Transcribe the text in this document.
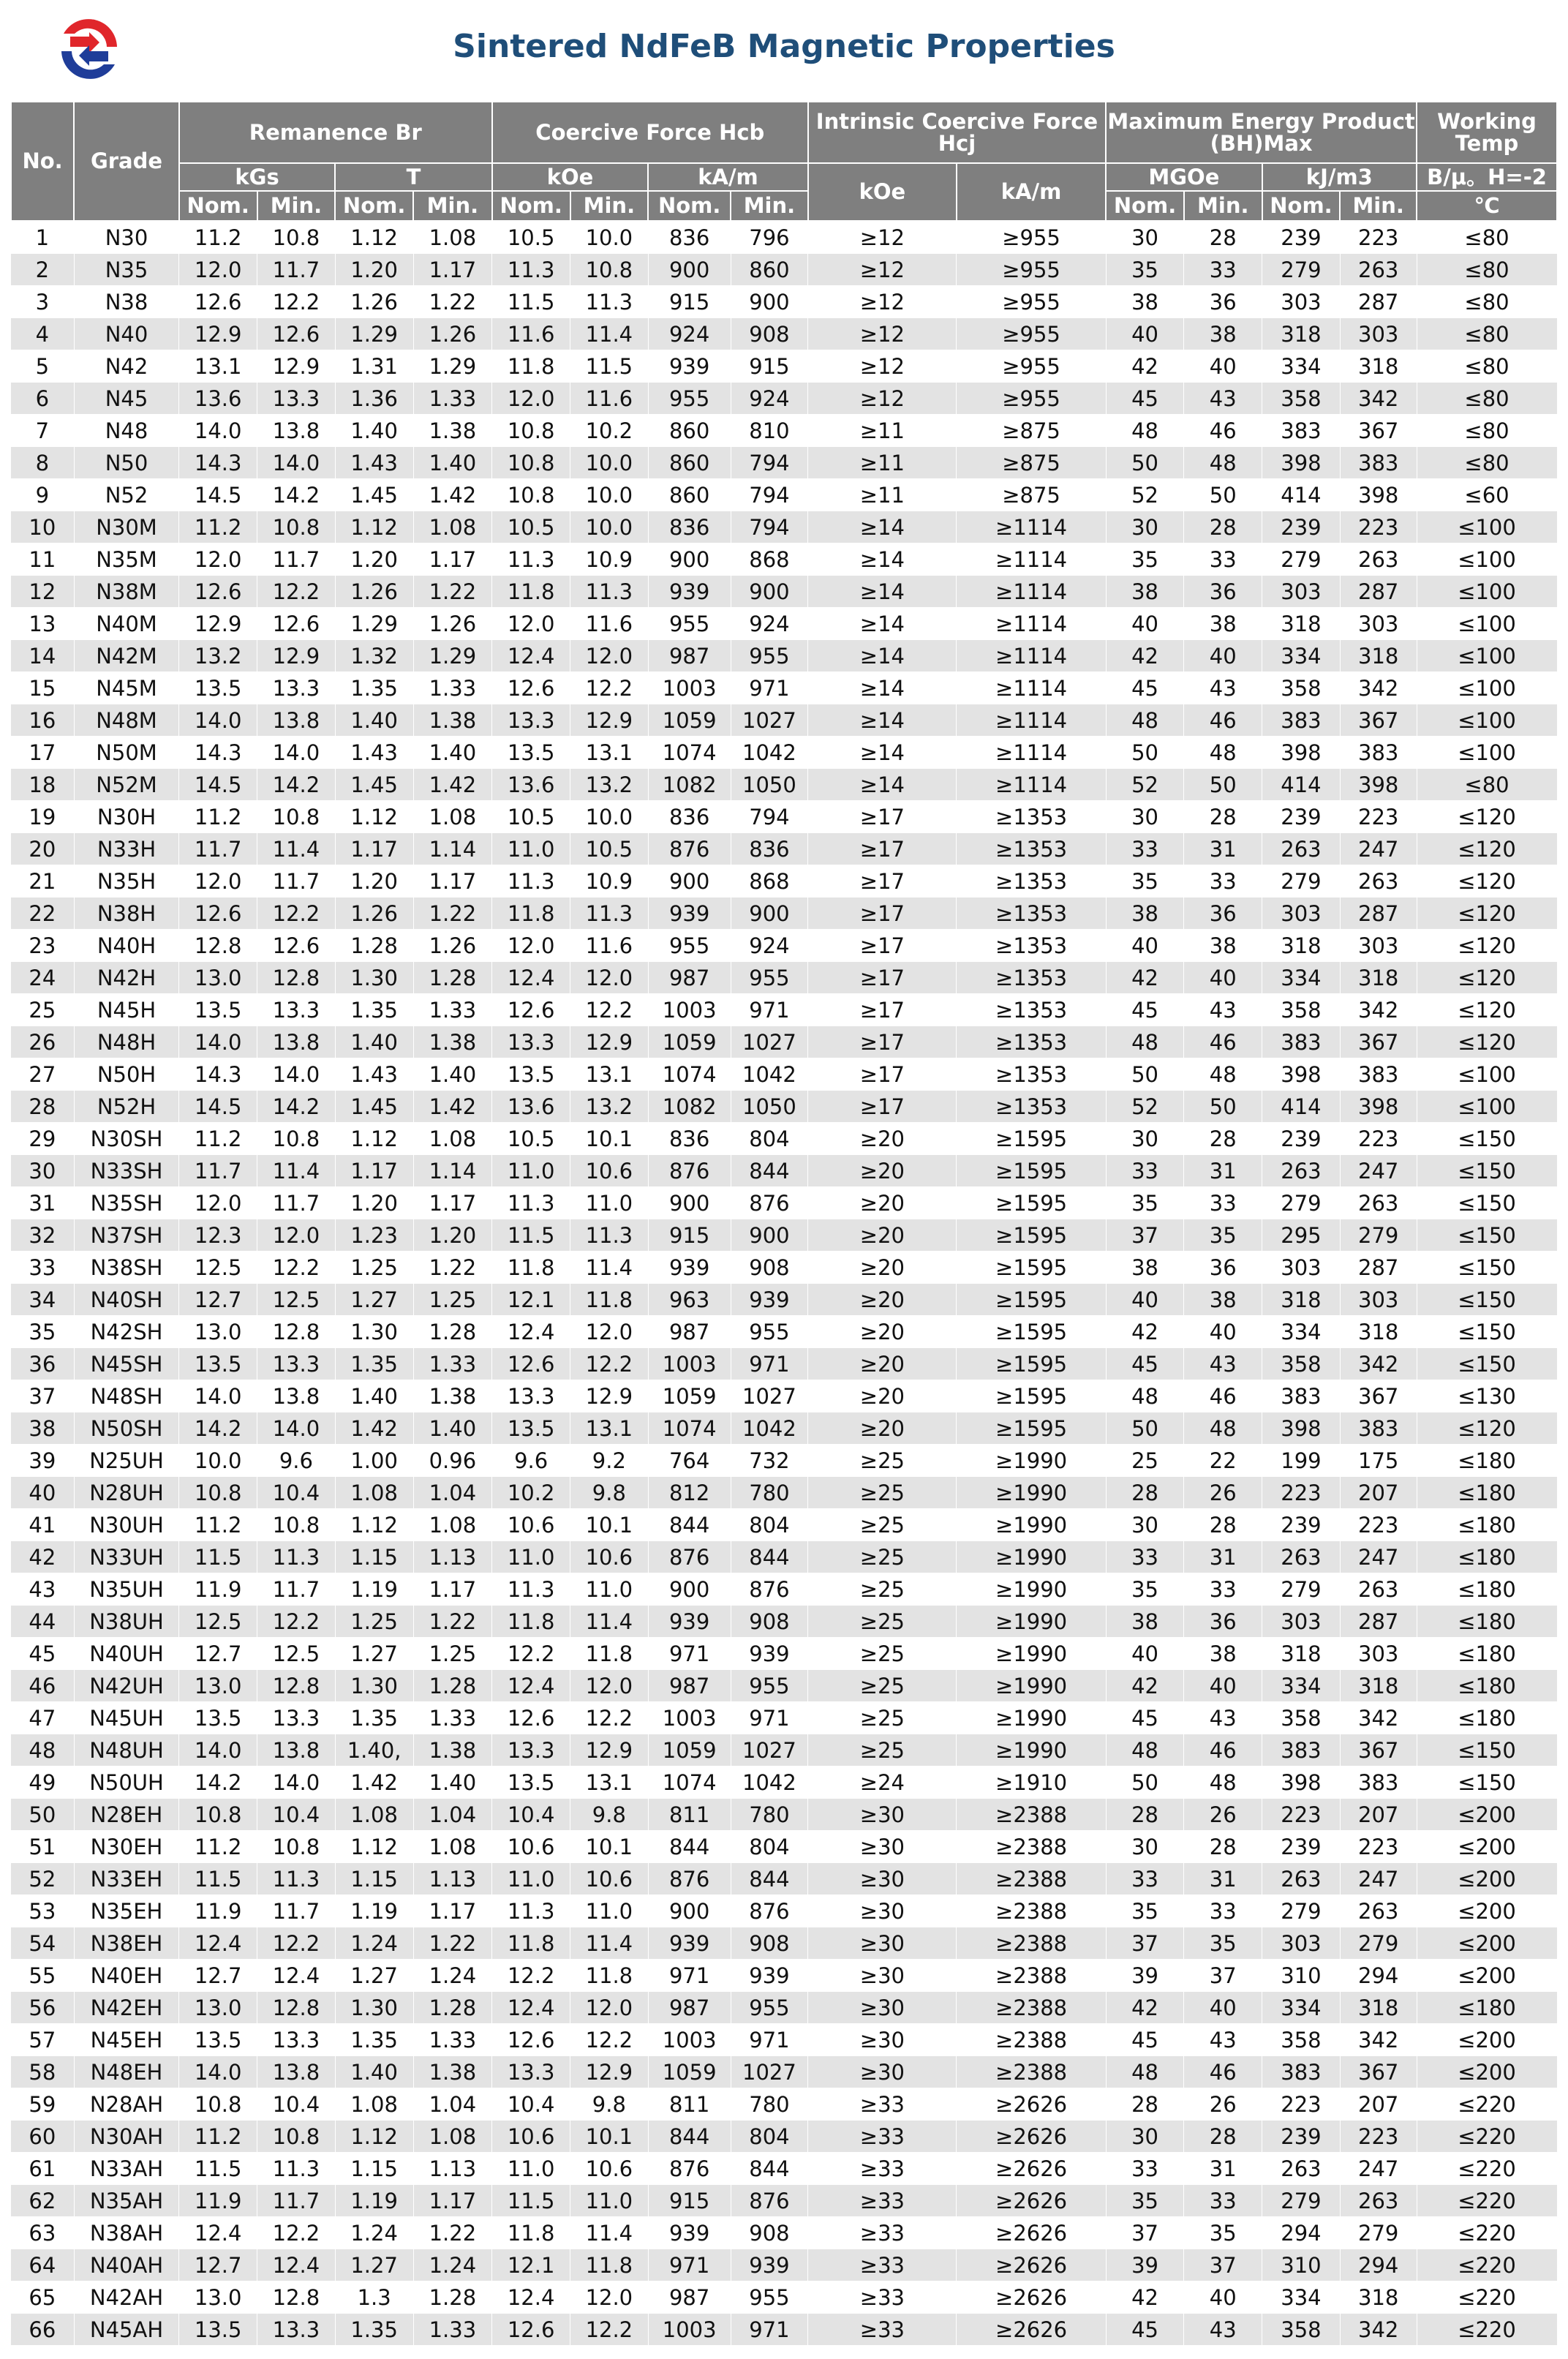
Sintered NdFeB Magnetic Properties
No.	Grade	Remanence Br				Coercive Force Hcb				Intrinsic Coercive Force Hcj		Maximum Energy Product (BH)Max				Working Temp
		kGs		T		kOe		kA/m		kOe	kA/m	MGOe		kJ/m3		B/μ。H=-2
		Nom.	Min.	Nom.	Min.	Nom.	Min.	Nom.	Min.			Nom.	Min.	Nom.	Min.	℃
1	N30	11.2	10.8	1.12	1.08	10.5	10.0	836	796	≥12	≥955	30	28	239	223	≤80
2	N35	12.0	11.7	1.20	1.17	11.3	10.8	900	860	≥12	≥955	35	33	279	263	≤80
3	N38	12.6	12.2	1.26	1.22	11.5	11.3	915	900	≥12	≥955	38	36	303	287	≤80
4	N40	12.9	12.6	1.29	1.26	11.6	11.4	924	908	≥12	≥955	40	38	318	303	≤80
5	N42	13.1	12.9	1.31	1.29	11.8	11.5	939	915	≥12	≥955	42	40	334	318	≤80
6	N45	13.6	13.3	1.36	1.33	12.0	11.6	955	924	≥12	≥955	45	43	358	342	≤80
7	N48	14.0	13.8	1.40	1.38	10.8	10.2	860	810	≥11	≥875	48	46	383	367	≤80
8	N50	14.3	14.0	1.43	1.40	10.8	10.0	860	794	≥11	≥875	50	48	398	383	≤80
9	N52	14.5	14.2	1.45	1.42	10.8	10.0	860	794	≥11	≥875	52	50	414	398	≤60
10	N30M	11.2	10.8	1.12	1.08	10.5	10.0	836	794	≥14	≥1114	30	28	239	223	≤100
11	N35M	12.0	11.7	1.20	1.17	11.3	10.9	900	868	≥14	≥1114	35	33	279	263	≤100
12	N38M	12.6	12.2	1.26	1.22	11.8	11.3	939	900	≥14	≥1114	38	36	303	287	≤100
13	N40M	12.9	12.6	1.29	1.26	12.0	11.6	955	924	≥14	≥1114	40	38	318	303	≤100
14	N42M	13.2	12.9	1.32	1.29	12.4	12.0	987	955	≥14	≥1114	42	40	334	318	≤100
15	N45M	13.5	13.3	1.35	1.33	12.6	12.2	1003	971	≥14	≥1114	45	43	358	342	≤100
16	N48M	14.0	13.8	1.40	1.38	13.3	12.9	1059	1027	≥14	≥1114	48	46	383	367	≤100
17	N50M	14.3	14.0	1.43	1.40	13.5	13.1	1074	1042	≥14	≥1114	50	48	398	383	≤100
18	N52M	14.5	14.2	1.45	1.42	13.6	13.2	1082	1050	≥14	≥1114	52	50	414	398	≤80
19	N30H	11.2	10.8	1.12	1.08	10.5	10.0	836	794	≥17	≥1353	30	28	239	223	≤120
20	N33H	11.7	11.4	1.17	1.14	11.0	10.5	876	836	≥17	≥1353	33	31	263	247	≤120
21	N35H	12.0	11.7	1.20	1.17	11.3	10.9	900	868	≥17	≥1353	35	33	279	263	≤120
22	N38H	12.6	12.2	1.26	1.22	11.8	11.3	939	900	≥17	≥1353	38	36	303	287	≤120
23	N40H	12.8	12.6	1.28	1.26	12.0	11.6	955	924	≥17	≥1353	40	38	318	303	≤120
24	N42H	13.0	12.8	1.30	1.28	12.4	12.0	987	955	≥17	≥1353	42	40	334	318	≤120
25	N45H	13.5	13.3	1.35	1.33	12.6	12.2	1003	971	≥17	≥1353	45	43	358	342	≤120
26	N48H	14.0	13.8	1.40	1.38	13.3	12.9	1059	1027	≥17	≥1353	48	46	383	367	≤120
27	N50H	14.3	14.0	1.43	1.40	13.5	13.1	1074	1042	≥17	≥1353	50	48	398	383	≤100
28	N52H	14.5	14.2	1.45	1.42	13.6	13.2	1082	1050	≥17	≥1353	52	50	414	398	≤100
29	N30SH	11.2	10.8	1.12	1.08	10.5	10.1	836	804	≥20	≥1595	30	28	239	223	≤150
30	N33SH	11.7	11.4	1.17	1.14	11.0	10.6	876	844	≥20	≥1595	33	31	263	247	≤150
31	N35SH	12.0	11.7	1.20	1.17	11.3	11.0	900	876	≥20	≥1595	35	33	279	263	≤150
32	N37SH	12.3	12.0	1.23	1.20	11.5	11.3	915	900	≥20	≥1595	37	35	295	279	≤150
33	N38SH	12.5	12.2	1.25	1.22	11.8	11.4	939	908	≥20	≥1595	38	36	303	287	≤150
34	N40SH	12.7	12.5	1.27	1.25	12.1	11.8	963	939	≥20	≥1595	40	38	318	303	≤150
35	N42SH	13.0	12.8	1.30	1.28	12.4	12.0	987	955	≥20	≥1595	42	40	334	318	≤150
36	N45SH	13.5	13.3	1.35	1.33	12.6	12.2	1003	971	≥20	≥1595	45	43	358	342	≤150
37	N48SH	14.0	13.8	1.40	1.38	13.3	12.9	1059	1027	≥20	≥1595	48	46	383	367	≤130
38	N50SH	14.2	14.0	1.42	1.40	13.5	13.1	1074	1042	≥20	≥1595	50	48	398	383	≤120
39	N25UH	10.0	9.6	1.00	0.96	9.6	9.2	764	732	≥25	≥1990	25	22	199	175	≤180
40	N28UH	10.8	10.4	1.08	1.04	10.2	9.8	812	780	≥25	≥1990	28	26	223	207	≤180
41	N30UH	11.2	10.8	1.12	1.08	10.6	10.1	844	804	≥25	≥1990	30	28	239	223	≤180
42	N33UH	11.5	11.3	1.15	1.13	11.0	10.6	876	844	≥25	≥1990	33	31	263	247	≤180
43	N35UH	11.9	11.7	1.19	1.17	11.3	11.0	900	876	≥25	≥1990	35	33	279	263	≤180
44	N38UH	12.5	12.2	1.25	1.22	11.8	11.4	939	908	≥25	≥1990	38	36	303	287	≤180
45	N40UH	12.7	12.5	1.27	1.25	12.2	11.8	971	939	≥25	≥1990	40	38	318	303	≤180
46	N42UH	13.0	12.8	1.30	1.28	12.4	12.0	987	955	≥25	≥1990	42	40	334	318	≤180
47	N45UH	13.5	13.3	1.35	1.33	12.6	12.2	1003	971	≥25	≥1990	45	43	358	342	≤180
48	N48UH	14.0	13.8	1.40,	1.38	13.3	12.9	1059	1027	≥25	≥1990	48	46	383	367	≤150
49	N50UH	14.2	14.0	1.42	1.40	13.5	13.1	1074	1042	≥24	≥1910	50	48	398	383	≤150
50	N28EH	10.8	10.4	1.08	1.04	10.4	9.8	811	780	≥30	≥2388	28	26	223	207	≤200
51	N30EH	11.2	10.8	1.12	1.08	10.6	10.1	844	804	≥30	≥2388	30	28	239	223	≤200
52	N33EH	11.5	11.3	1.15	1.13	11.0	10.6	876	844	≥30	≥2388	33	31	263	247	≤200
53	N35EH	11.9	11.7	1.19	1.17	11.3	11.0	900	876	≥30	≥2388	35	33	279	263	≤200
54	N38EH	12.4	12.2	1.24	1.22	11.8	11.4	939	908	≥30	≥2388	37	35	303	279	≤200
55	N40EH	12.7	12.4	1.27	1.24	12.2	11.8	971	939	≥30	≥2388	39	37	310	294	≤200
56	N42EH	13.0	12.8	1.30	1.28	12.4	12.0	987	955	≥30	≥2388	42	40	334	318	≤180
57	N45EH	13.5	13.3	1.35	1.33	12.6	12.2	1003	971	≥30	≥2388	45	43	358	342	≤200
58	N48EH	14.0	13.8	1.40	1.38	13.3	12.9	1059	1027	≥30	≥2388	48	46	383	367	≤200
59	N28AH	10.8	10.4	1.08	1.04	10.4	9.8	811	780	≥33	≥2626	28	26	223	207	≤220
60	N30AH	11.2	10.8	1.12	1.08	10.6	10.1	844	804	≥33	≥2626	30	28	239	223	≤220
61	N33AH	11.5	11.3	1.15	1.13	11.0	10.6	876	844	≥33	≥2626	33	31	263	247	≤220
62	N35AH	11.9	11.7	1.19	1.17	11.5	11.0	915	876	≥33	≥2626	35	33	279	263	≤220
63	N38AH	12.4	12.2	1.24	1.22	11.8	11.4	939	908	≥33	≥2626	37	35	294	279	≤220
64	N40AH	12.7	12.4	1.27	1.24	12.1	11.8	971	939	≥33	≥2626	39	37	310	294	≤220
65	N42AH	13.0	12.8	1.3	1.28	12.4	12.0	987	955	≥33	≥2626	42	40	334	318	≤220
66	N45AH	13.5	13.3	1.35	1.33	12.6	12.2	1003	971	≥33	≥2626	45	43	358	342	≤220
